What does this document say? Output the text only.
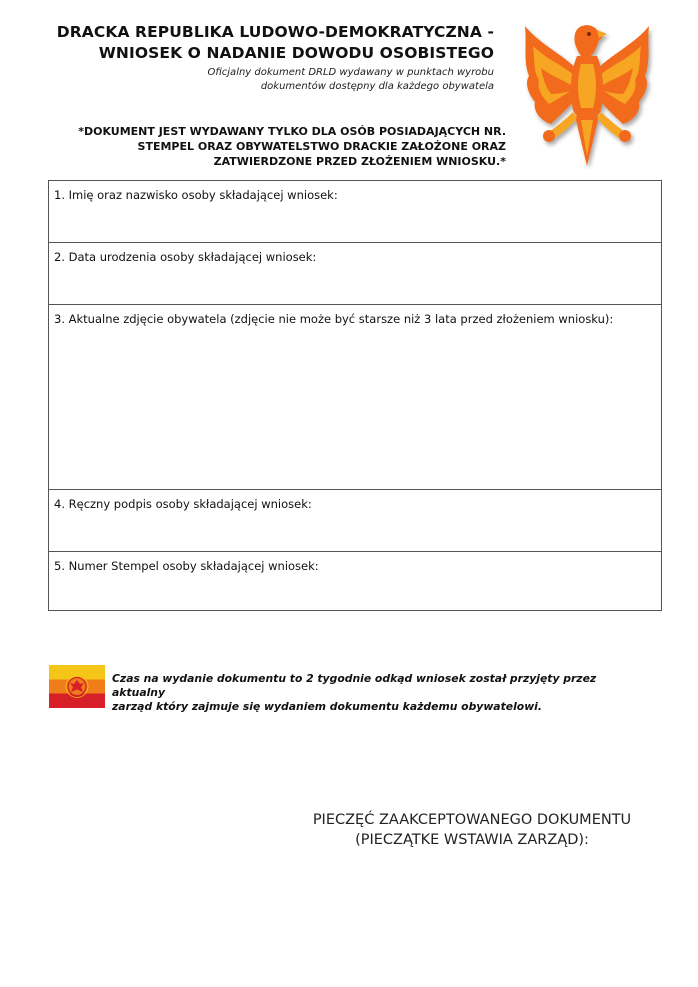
DRACKA REPUBLIKA LUDOWO-DEMOKRATYCZNA -
WNIOSEK O NADANIE DOWODU OSOBISTEGO
Oficjalny dokument DRLD wydawany w punktach wyrobu
dokumentów dostępny dla każdego obywatela
*DOKUMENT JEST WYDAWANY TYLKO DLA OSÓB POSIADAJĄCYCH NR.
STEMPEL ORAZ OBYWATELSTWO DRACKIE ZAŁOŻONE ORAZ
ZATWIERDZONE PRZED ZŁOŻENIEM WNIOSKU.*
1. Imię oraz nazwisko osoby składającej wniosek:
2. Data urodzenia osoby składającej wniosek:
3. Aktualne zdjęcie obywatela (zdjęcie nie może być starsze niż 3 lata przed złożeniem wniosku):
4. Ręczny podpis osoby składającej wniosek:
5. Numer Stempel osoby składającej wniosek:
Czas na wydanie dokumentu to 2 tygodnie odkąd wniosek został przyjęty przez aktualny
zarząd który zajmuje się wydaniem dokumentu każdemu obywatelowi.
PIECZĘĆ ZAAKCEPTOWANEGO DOKUMENTU
(PIECZĄTKE WSTAWIA ZARZĄD):
